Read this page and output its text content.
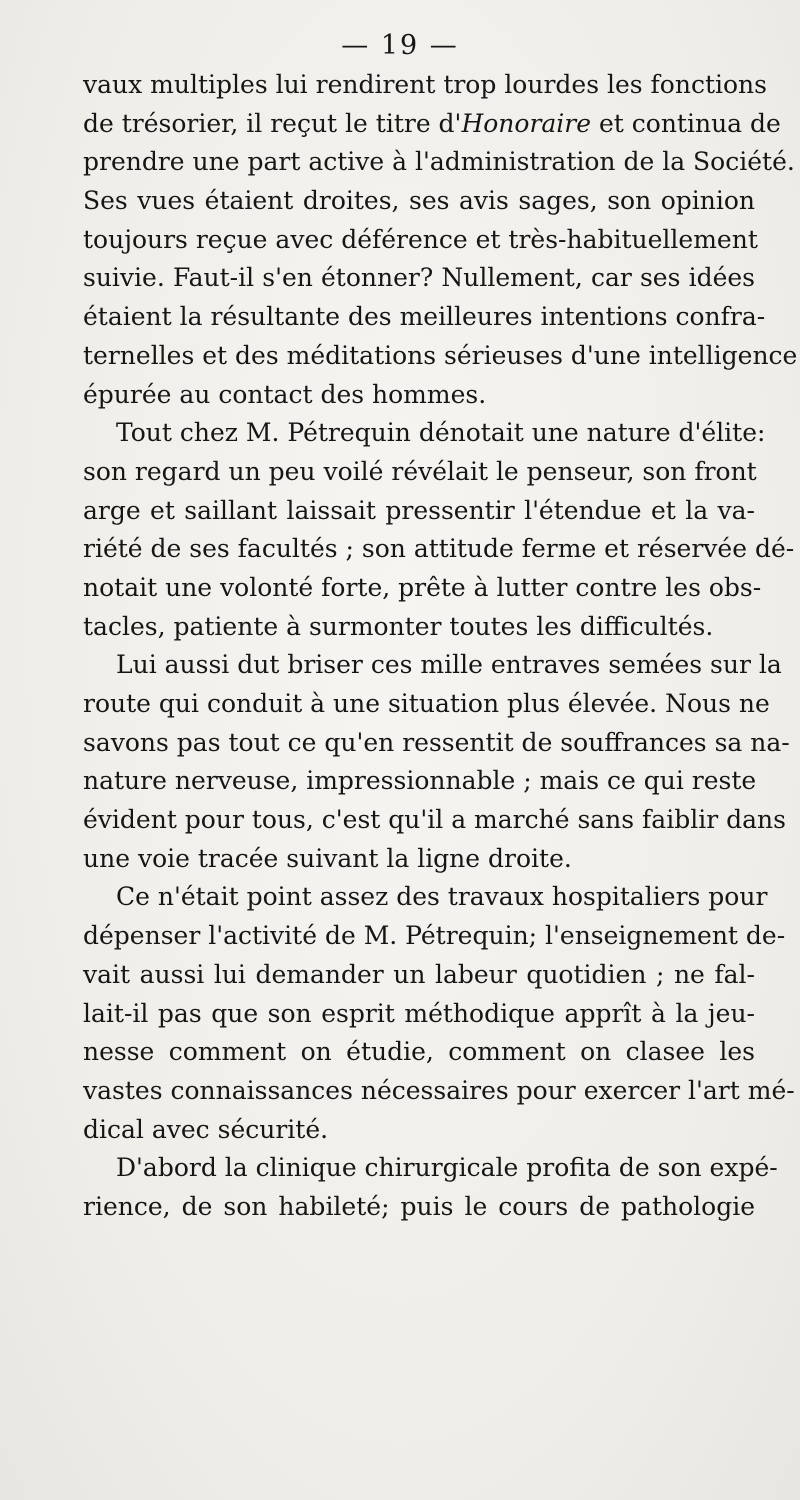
— 19 —
vaux multiples lui rendirent trop lourdes les fonctions
de trésorier, il reçut le titre d'Honoraire et continua de
prendre une part active à l'administration de la Société.
Ses vues étaient droites, ses avis sages, son opinion
toujours reçue avec déférence et très-habituellement
suivie. Faut-il s'en étonner? Nullement, car ses idées
étaient la résultante des meilleures intentions confra-
ternelles et des méditations sérieuses d'une intelligence
épurée au contact des hommes.
Tout chez M. Pétrequin dénotait une nature d'élite:
son regard un peu voilé révélait le penseur, son front
arge et saillant laissait pressentir l'étendue et la va-
riété de ses facultés ; son attitude ferme et réservée dé-
notait une volonté forte, prête à lutter contre les obs-
tacles, patiente à surmonter toutes les difficultés.
Lui aussi dut briser ces mille entraves semées sur la
route qui conduit à une situation plus élevée. Nous ne
savons pas tout ce qu'en ressentit de souffrances sa na-
nature nerveuse, impressionnable ; mais ce qui reste
évident pour tous, c'est qu'il a marché sans faiblir dans
une voie tracée suivant la ligne droite.
Ce n'était point assez des travaux hospitaliers pour
dépenser l'activité de M. Pétrequin; l'enseignement de-
vait aussi lui demander un labeur quotidien ; ne fal-
lait-il pas que son esprit méthodique apprît à la jeu-
nesse comment on étudie, comment on clasee les
vastes connaissances nécessaires pour exercer l'art mé-
dical avec sécurité.
D'abord la clinique chirurgicale profita de son expé-
rience, de son habileté; puis le cours de pathologie
